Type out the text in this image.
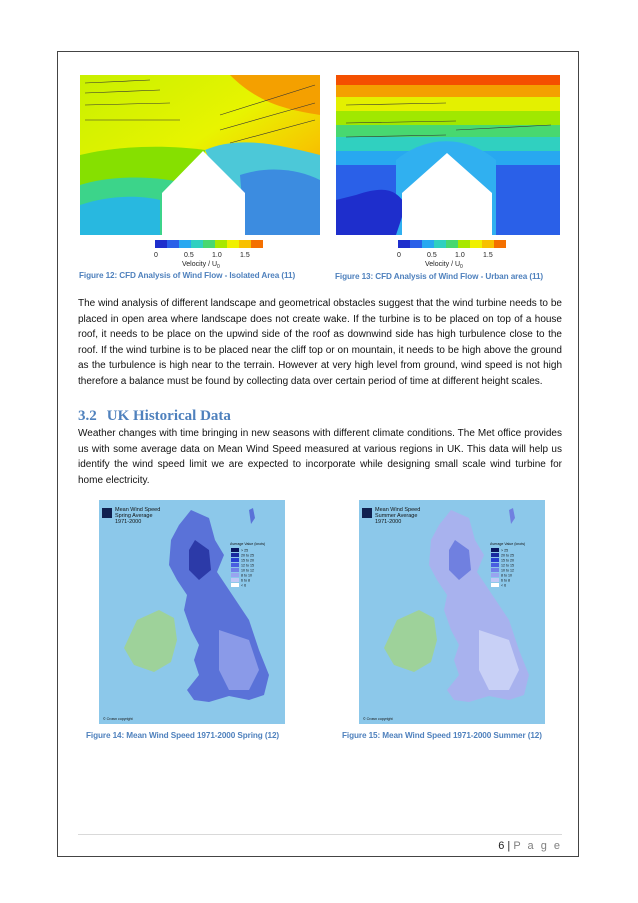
0	0.5	1.0	1.5
Velocity / $U_0$
Figure 12: CFD Analysis of Wind Flow - Isolated Area (11)
0	0.5	1.0	1.5
Velocity / $U_0$
Figure 13: CFD Analysis of Wind Flow - Urban area (11)
The wind analysis of different landscape and geometrical obstacles suggest that the wind turbine needs to be placed in open area where landscape does not create wake. If the turbine is to be placed on top of a house roof, it needs to be place on the upwind side of the roof as downwind side has high turbulence close to the roof. If the wind turbine is to be placed near the cliff top or on mountain, it needs to be high above the ground as the turbulence is high near to the terrain. However at very high level from ground, wind speed is not high therefore a balance must be found by collecting data over certain period of time at different height scales.
3.2 UK Historical Data
Weather changes with time bringing in new seasons with different climate conditions. The Met office provides us with some average data on Mean Wind Speed measured at various regions in UK. This data will help us identify the wind speed limit we are expected to incorporate while designing small scale wind turbine for home electricity.
Mean Wind Speed
Spring Average
1971-2000
Average Value (knots)
> 25
20 to 25
15 to 20
12 to 15
10 to 12
8 to 10
6 to 8
< 6
© Crown copyright
Figure 14: Mean Wind Speed 1971-2000 Spring (12)
Mean Wind Speed
Summer Average
1971-2000
Average Value (knots)
> 25
20 to 25
15 to 20
12 to 15
10 to 12
8 to 10
6 to 8
< 6
© Crown copyright
Figure 15: Mean Wind Speed 1971-2000 Summer (12)
6 | P a g e
